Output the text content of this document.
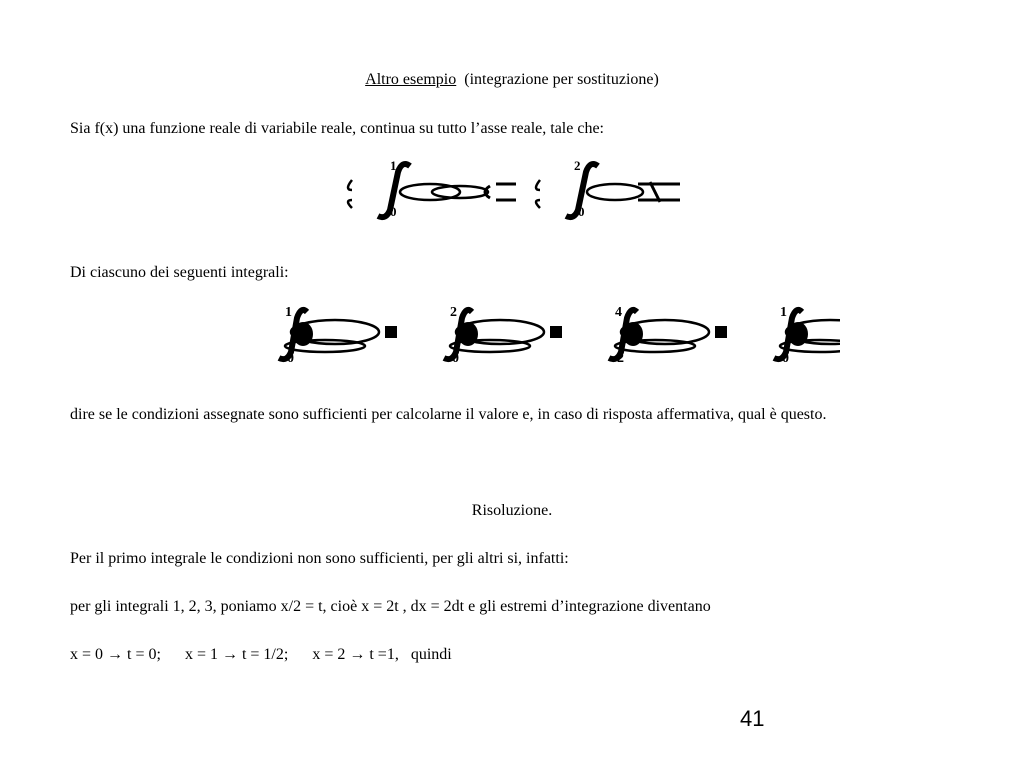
Altro esempio  (integrazione per sostituzione)
Sia f(x) una funzione reale di variabile reale, continua su tutto l’asse reale, tale che:
1
0
2
0
Di ciascuno dei seguenti integrali:
1
0
2
0
4
2
1
0
dire se le condizioni assegnate sono sufficienti per calcolarne il valore e, in caso di risposta affermativa, qual è questo.
Risoluzione.
Per il primo integrale le condizioni non sono sufficienti, per gli altri si, infatti:
per gli integrali 1, 2, 3, poniamo x/2 = t, cioè x = 2t , dx = 2dt e gli estremi d’integrazione diventano
x = 0 → t = 0; x = 1 → t = 1/2; x = 2 → t =1, quindi
41
